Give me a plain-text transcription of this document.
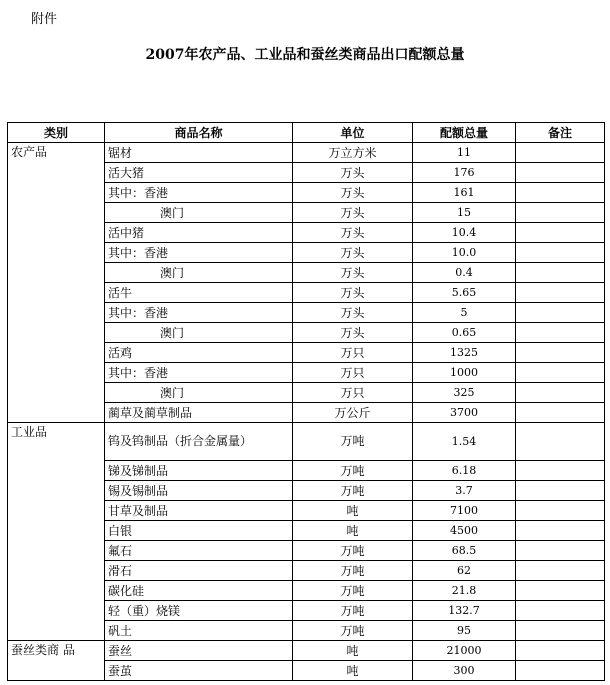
附件
2007年农产品、工业品和蚕丝类商品出口配额总量
类别	商品名称	单位	配额总量	备注
农产品	锯材	万立方米	11	
	活大猪	万头	176	
	其中：香港	万头	161	
	澳门	万头	15	
	活中猪	万头	10.4	
	其中：香港	万头	10.0	
	澳门	万头	0.4	
	活牛	万头	5.65	
	其中：香港	万头	5	
	澳门	万头	0.65	
	活鸡	万只	1325	
	其中：香港	万只	1000	
	澳门	万只	325	
	蔺草及蔺草制品	万公斤	3700	
工业品	钨及钨制品（折合金属量）	万吨	1.54	
	锑及锑制品	万吨	6.18	
	锡及锡制品	万吨	3.7	
	甘草及制品	吨	7100	
	白银	吨	4500	
	氟石	万吨	68.5	
	滑石	万吨	62	
	碳化硅	万吨	21.8	
	轻（重）烧镁	万吨	132.7	
	矾土	万吨	95	
蚕丝类商 品	蚕丝	吨	21000	
	蚕茧	吨	300	
